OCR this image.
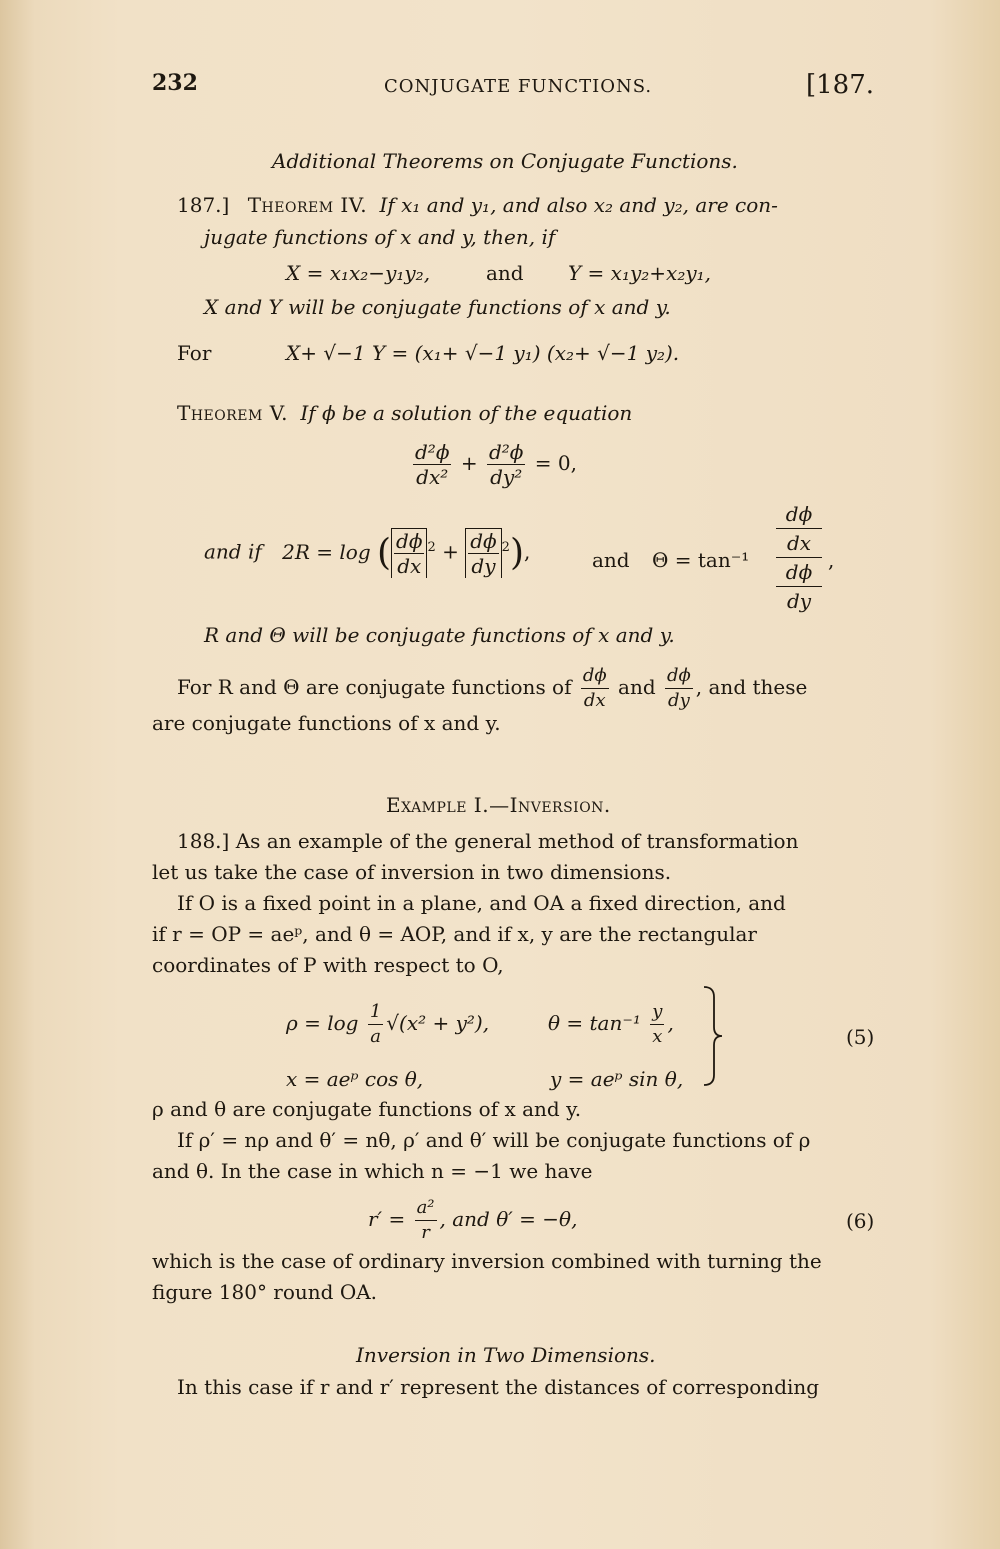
232	CONJUGATE FUNCTIONS.	[187.
Additional Theorems on Conjugate Functions.
187.] Theorem IV. If x₁ and y₁, and also x₂ and y₂, are con-
jugate functions of x and y, then, if
X = x₁x₂−y₁y₂,	and Y = x₁y₂+x₂y₁,
X and Y will be conjugate functions of x and y.
For	X+ √−1 Y = (x₁+ √−1 y₁) (x₂+ √−1 y₂).
Theorem V. If ϕ be a solution of the equation
$\frac{\text{d²ϕ}}{\text{dx²}} + \frac{\text{d²ϕ}}{\text{dy²}} = 0$,
and if 2R = log ( $\frac{d\phi}{dx} ^2 + \frac{d\phi}{dy} ^2$),	and Θ = tan⁻¹
dϕ
dx
dϕ
dy
,
R and Θ will be conjugate functions of x and y.
For R and Θ are conjugate functions of $\frac{d\phi}{dx}$ and $\frac{d\phi}{dy}$ , and these
are conjugate functions of x and y.
Example I.—Inversion.
188.] As an example of the general method of transformation
let us take the case of inversion in two dimensions.
If O is a fixed point in a plane, and OA a fixed direction, and
if r = OP = aeᵖ, and θ = AOP, and if x, y are the rectangular
coordinates of P with respect to O,
$\rho = \log \frac{1}{a} √(x^2 + y^2)$,	$\theta = \tan^{-1} \frac{y}{x}$ ,
x = aeᵖ cos θ,	y = aeᵖ sin θ,
(5)
ρ and θ are conjugate functions of x and y.
If ρ′ = nρ and θ′ = nθ, ρ′ and θ′ will be conjugate functions of ρ
and θ. In the case in which n = −1 we have
$r' = \frac{\text{a²}}{r}$ , and θ′ = −θ,	(6)
which is the case of ordinary inversion combined with turning the
figure 180° round OA.
Inversion in Two Dimensions.
In this case if r and r′ represent the distances of corresponding
